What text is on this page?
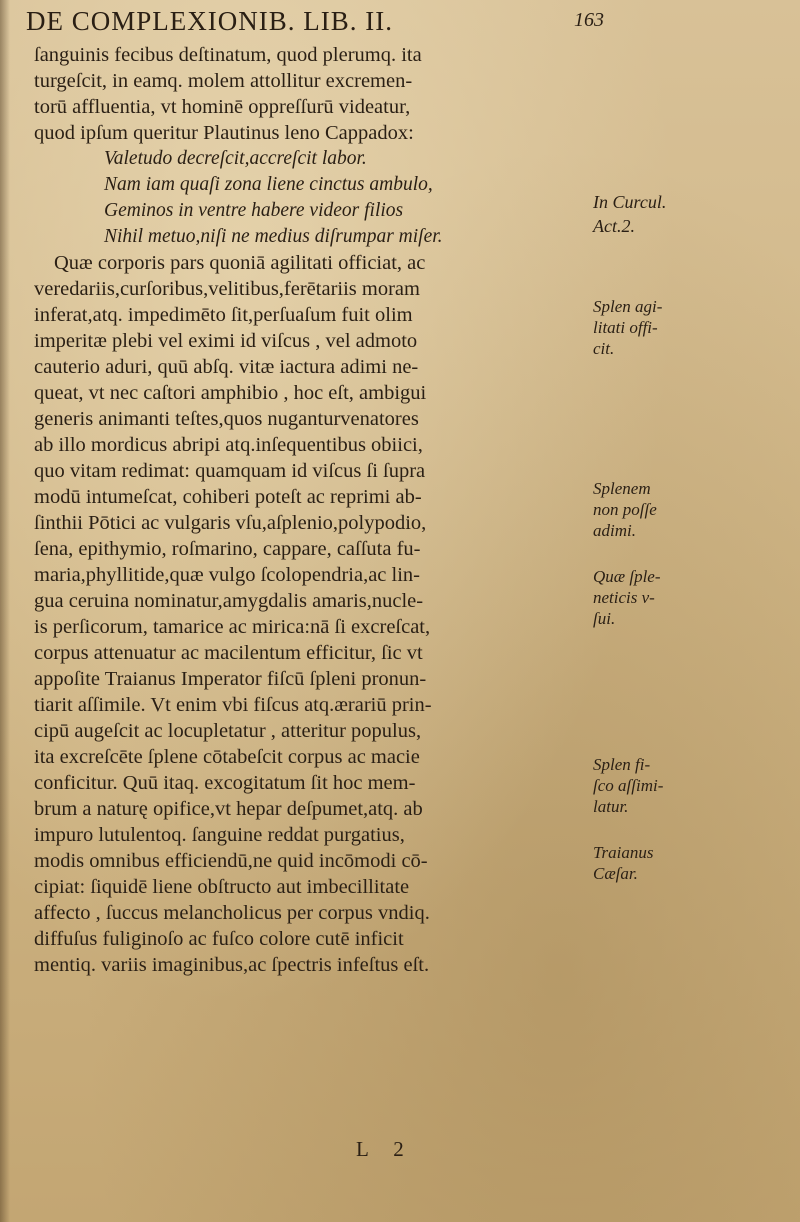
DE COMPLEXIONIB. LIB. II.	163
ſanguinis fecibus deſtinatum, quod plerumq. ita
turgeſcit, in eamq. molem attollitur excremen-
torū affluentia, vt hominē oppreſſurū videatur,
quod ipſum queritur Plautinus leno Cappadox:
Valetudo decreſcit,accreſcit labor.
Nam iam quaſi zona liene cinctus ambulo,
Geminos in ventre habere videor filios
Nihil metuo,niſi ne medius diſrumpar miſer.
Quæ corporis pars quoniā agilitati officiat, ac
veredariis,curſoribus,velitibus,ferētariis moram
inferat,atq. impedimēto ſit,perſuaſum fuit olim
imperitæ plebi vel eximi id viſcus , vel admoto
cauterio aduri, quū abſq. vitæ iactura adimi ne-
queat, vt nec caſtori amphibio , hoc eſt, ambigui
generis animanti teſtes,quos nuganturvenatores
ab illo mordicus abripi atq.inſequentibus obiici,
quo vitam redimat: quamquam id viſcus ſi ſupra
modū intumeſcat, cohiberi poteſt ac reprimi ab-
ſinthii Pōtici ac vulgaris vſu,aſplenio,polypodio,
ſena, epithymio, roſmarino, cappare, caſſuta fu-
maria,phyllitide,quæ vulgo ſcolopendria,ac lin-
gua ceruina nominatur,amygdalis amaris,nucle-
is perſicorum, tamarice ac mirica:nā ſi excreſcat,
corpus attenuatur ac macilentum efficitur, ſic vt
appoſite Traianus Imperator fiſcū ſpleni pronun-
tiarit aſſimile. Vt enim vbi fiſcus atq.ærariū prin-
cipū augeſcit ac locupletatur , atteritur populus,
ita excreſcēte ſplene cōtabeſcit corpus ac macie
conficitur. Quū itaq. excogitatum ſit hoc mem-
brum a naturę opifice,vt hepar deſpumet,atq. ab
impuro lutulentoq. ſanguine reddat purgatius,
modis omnibus efficiendū,ne quid incōmodi cō-
cipiat: ſiquidē liene obſtructo aut imbecillitate
affecto , ſuccus melancholicus per corpus vndiq.
diffuſus fuliginoſo ac fuſco colore cutē inficit
mentiq. variis imaginibus,ac ſpectris infeſtus eſt.
In Curcul.
Act.2.
Splen agi-
litati offi-
cit.
Splenem
non poſſe
adimi.
Quæ ſple-
neticis v-
ſui.
Splen fi-
ſco aſſimi-
latur.
Traianus
Cæſar.
L 2
